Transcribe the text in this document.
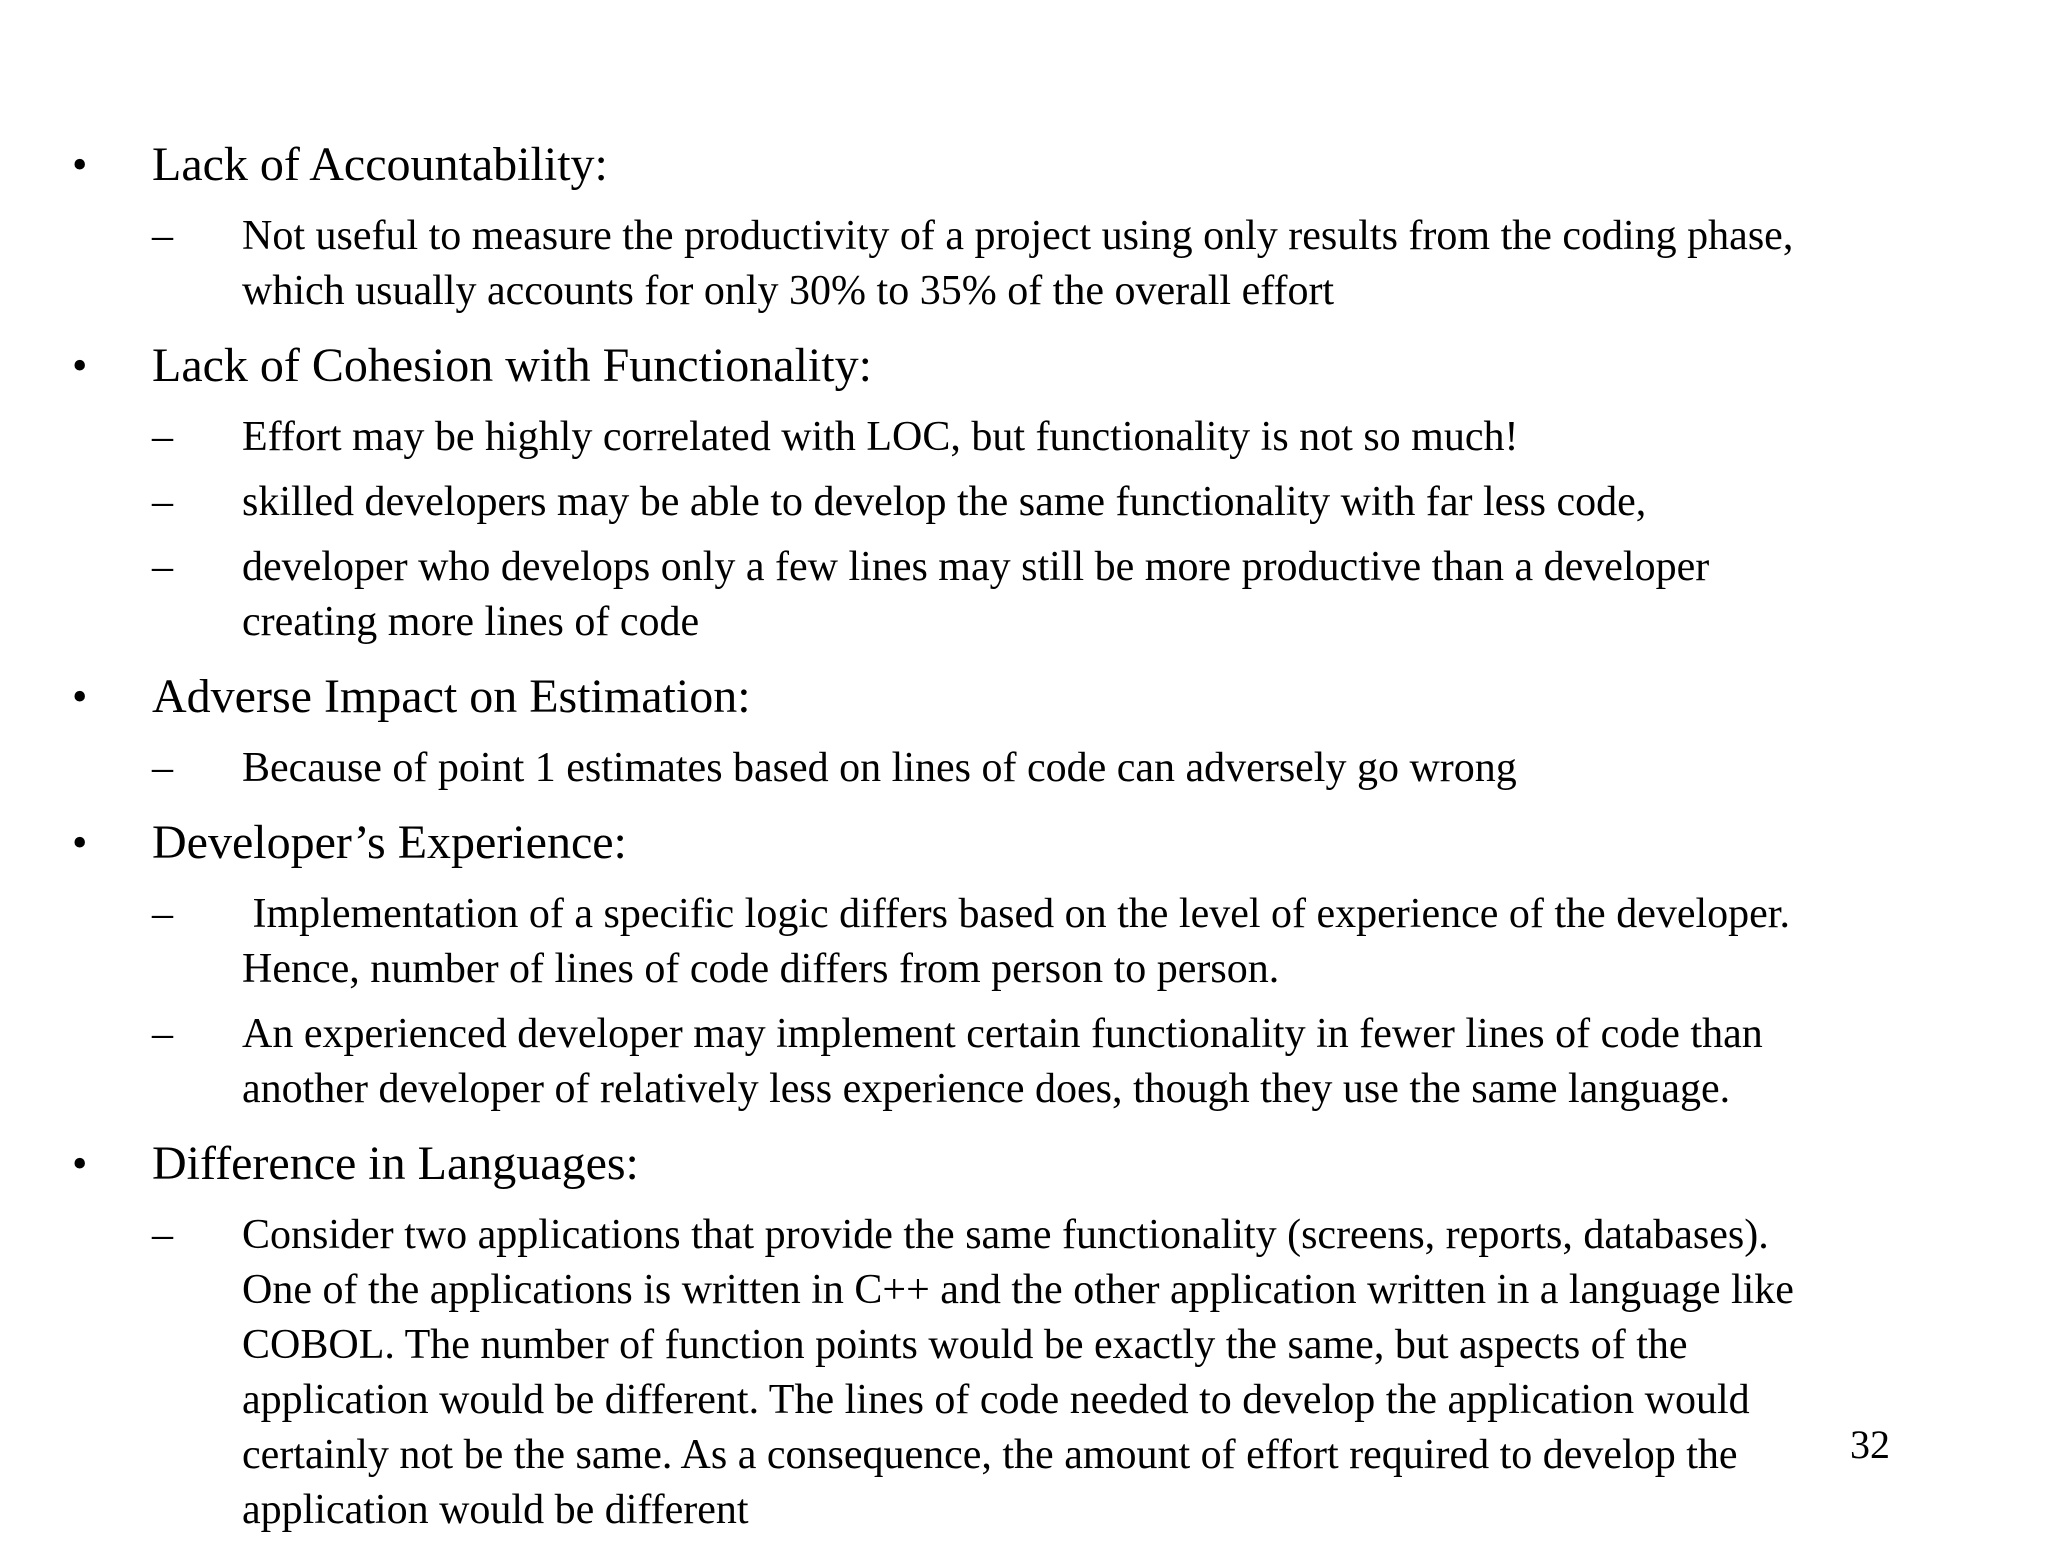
• Lack of Accountability:
–	Not useful to measure the productivity of a project using only results from the coding phase,
which usually accounts for only 30% to 35% of the overall effort
• Lack of Cohesion with Functionality:
–	Effort may be highly correlated with LOC, but functionality is not so much!
–	skilled developers may be able to develop the same functionality with far less code,
–	developer who develops only a few lines may still be more productive than a developer
creating more lines of code
• Adverse Impact on Estimation:
–	Because of point 1 estimates based on lines of code can adversely go wrong
• Developer’s Experience:
–	Implementation of a specific logic differs based on the level of experience of the developer.
Hence, number of lines of code differs from person to person.
–	An experienced developer may implement certain functionality in fewer lines of code than
another developer of relatively less experience does, though they use the same language.
• Difference in Languages:
–	Consider two applications that provide the same functionality (screens, reports, databases).
One of the applications is written in C++ and the other application written in a language like
COBOL. The number of function points would be exactly the same, but aspects of the
application would be different. The lines of code needed to develop the application would
certainly not be the same. As a consequence, the amount of effort required to develop the
application would be different
32
